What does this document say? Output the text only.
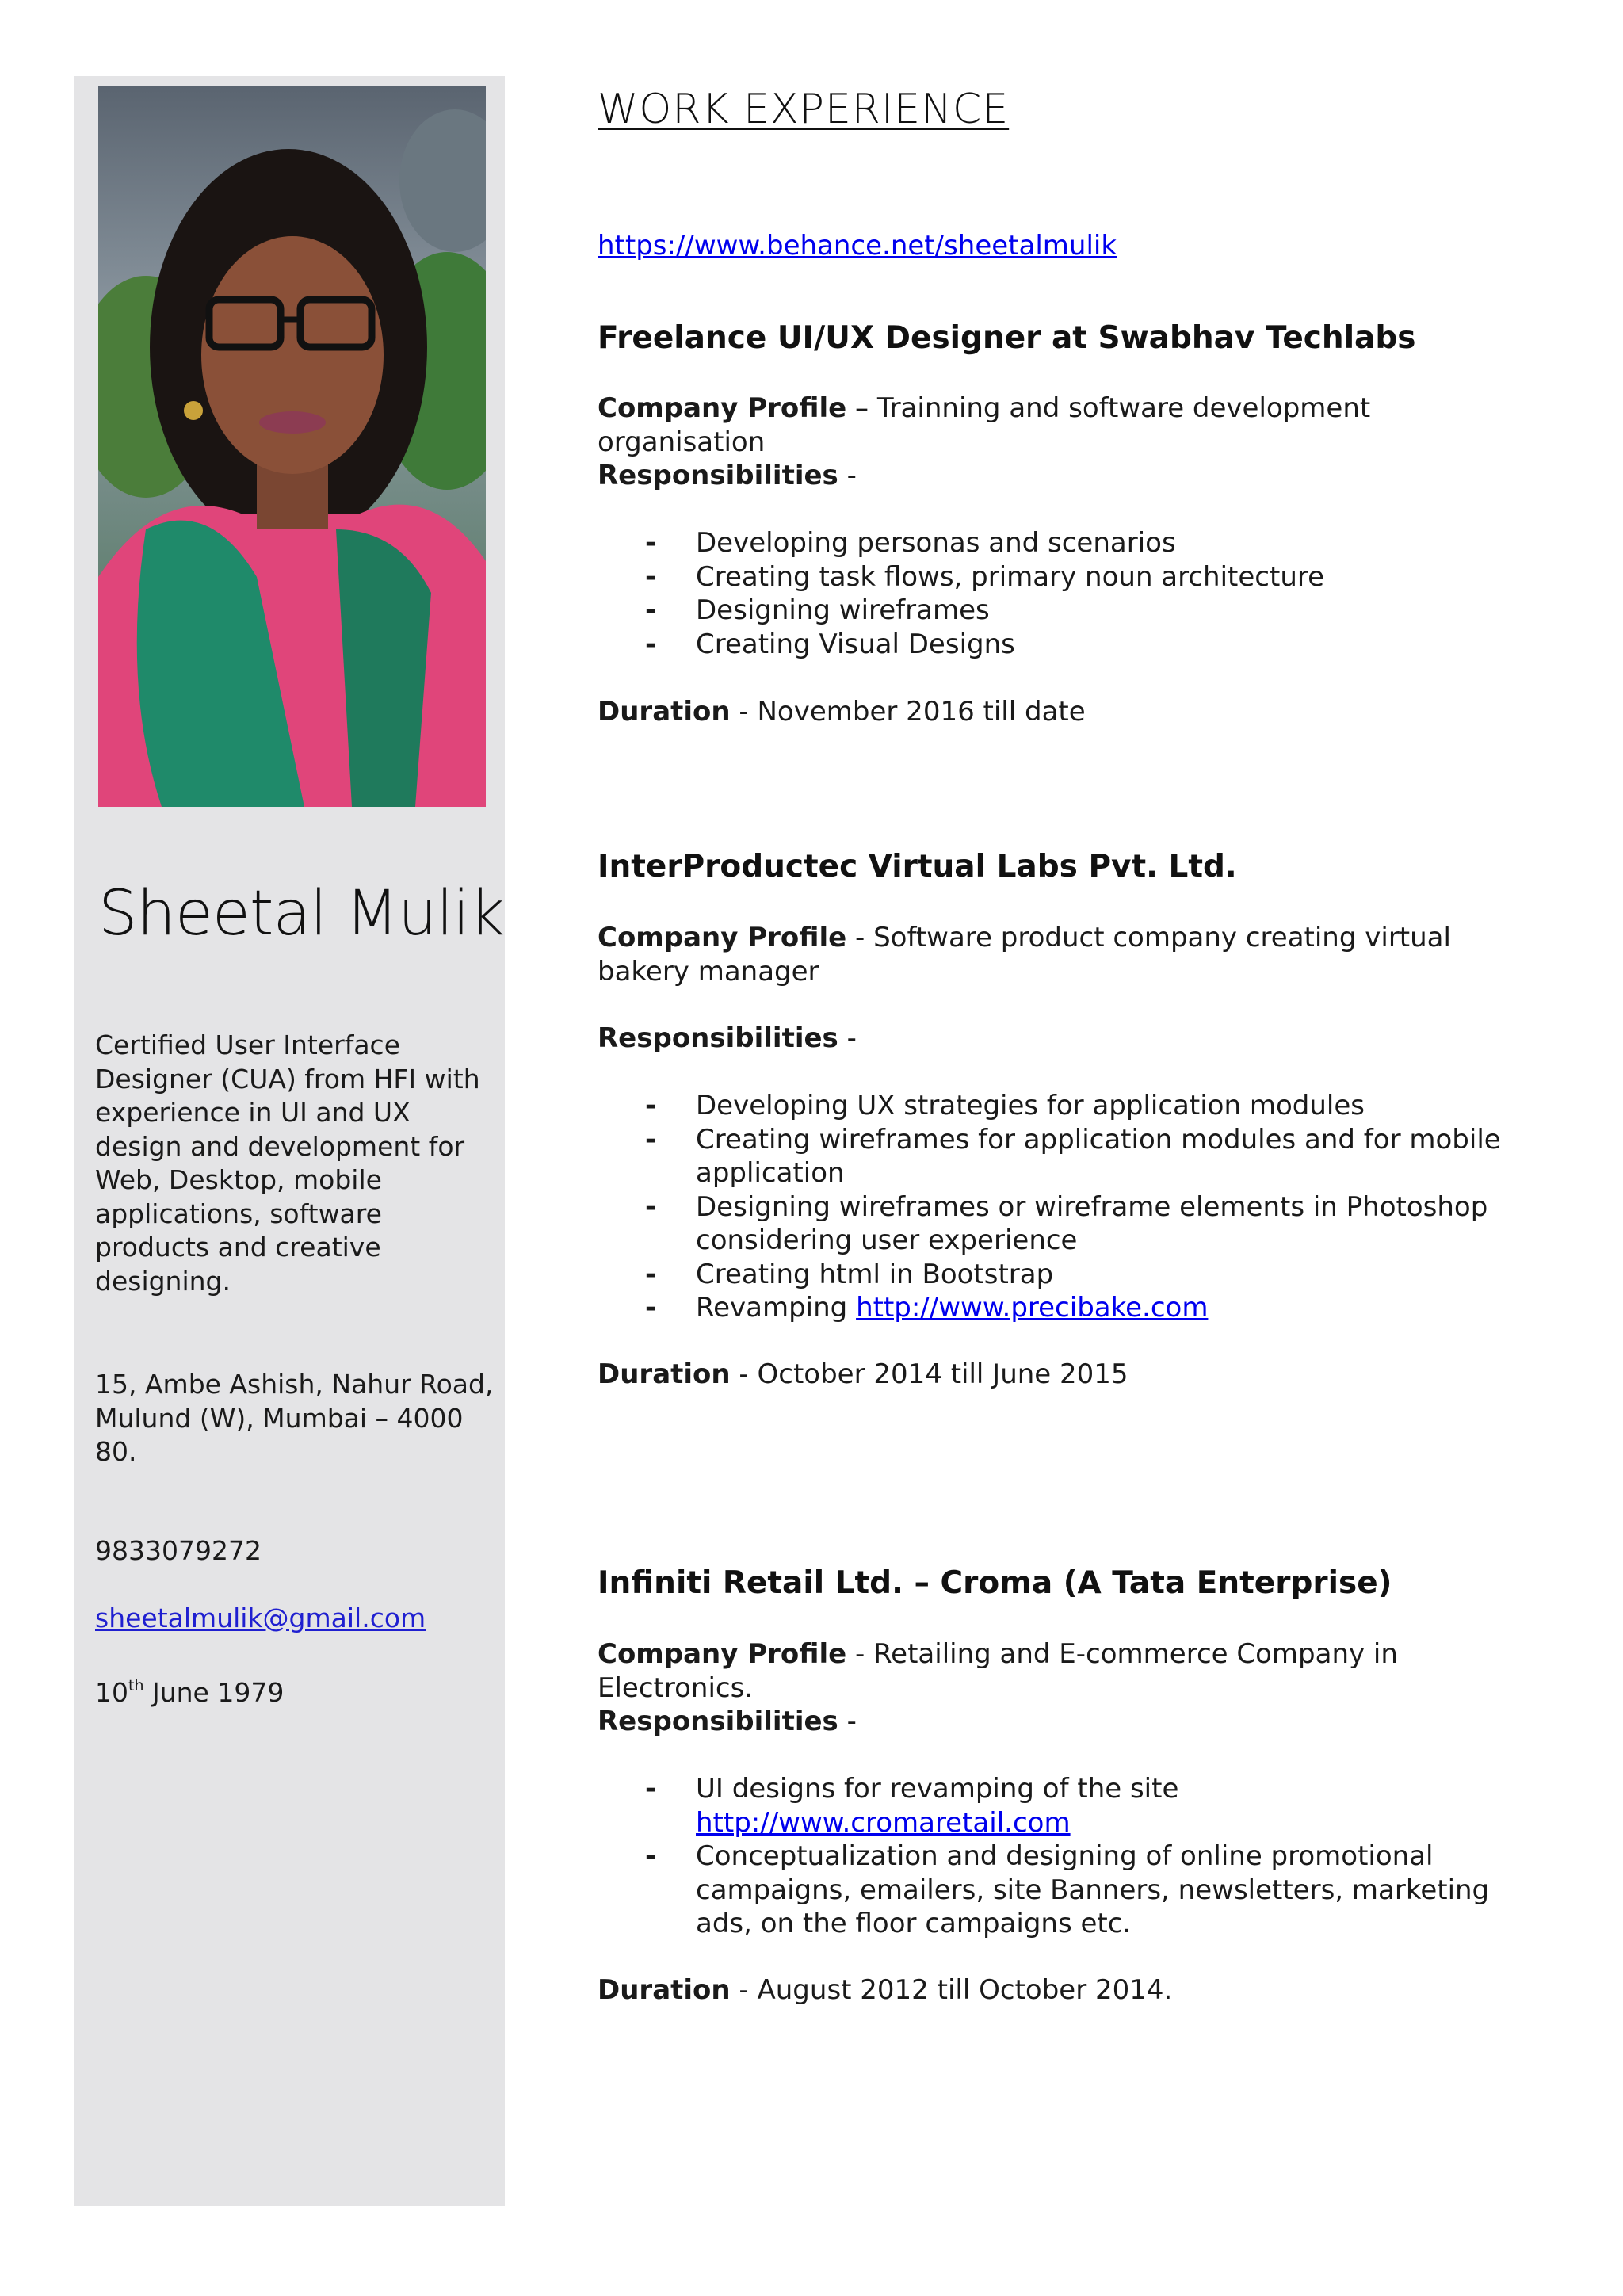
Sheetal Mulik
Certified User Interface Designer (CUA) from HFI with experience in UI and UX design and development for Web, Desktop, mobile applications, software products and creative designing.
15, Ambe Ashish, Nahur Road, Mulund (W), Mumbai – 4000 80.
9833079272
sheetalmulik@gmail.com
10th June 1979
WORK EXPERIENCE
https://www.behance.net/sheetalmulik
Freelance UI/UX Designer at Swabhav Techlabs
Company Profile – Trainning and software development organisation
Responsibilities -
- Developing personas and scenarios
- Creating task flows, primary noun architecture
- Designing wireframes
- Creating Visual Designs
Duration - November 2016 till date
InterProductec Virtual Labs Pvt. Ltd.
Company Profile - Software product company creating virtual bakery manager
Responsibilities -
- Developing UX strategies for application modules
- Creating wireframes for application modules and for mobile application
- Designing wireframes or wireframe elements in Photoshop considering user experience
- Creating html in Bootstrap
- Revamping http://www.precibake.com
Duration - October 2014 till June 2015
Infiniti Retail Ltd. – Croma (A Tata Enterprise)
Company Profile - Retailing and E-commerce Company in Electronics.
Responsibilities -
- UI designs for revamping of the site
http://www.cromaretail.com
- Conceptualization and designing of online promotional campaigns, emailers, site Banners, newsletters, marketing ads, on the floor campaigns etc.
Duration - August 2012 till October 2014.
